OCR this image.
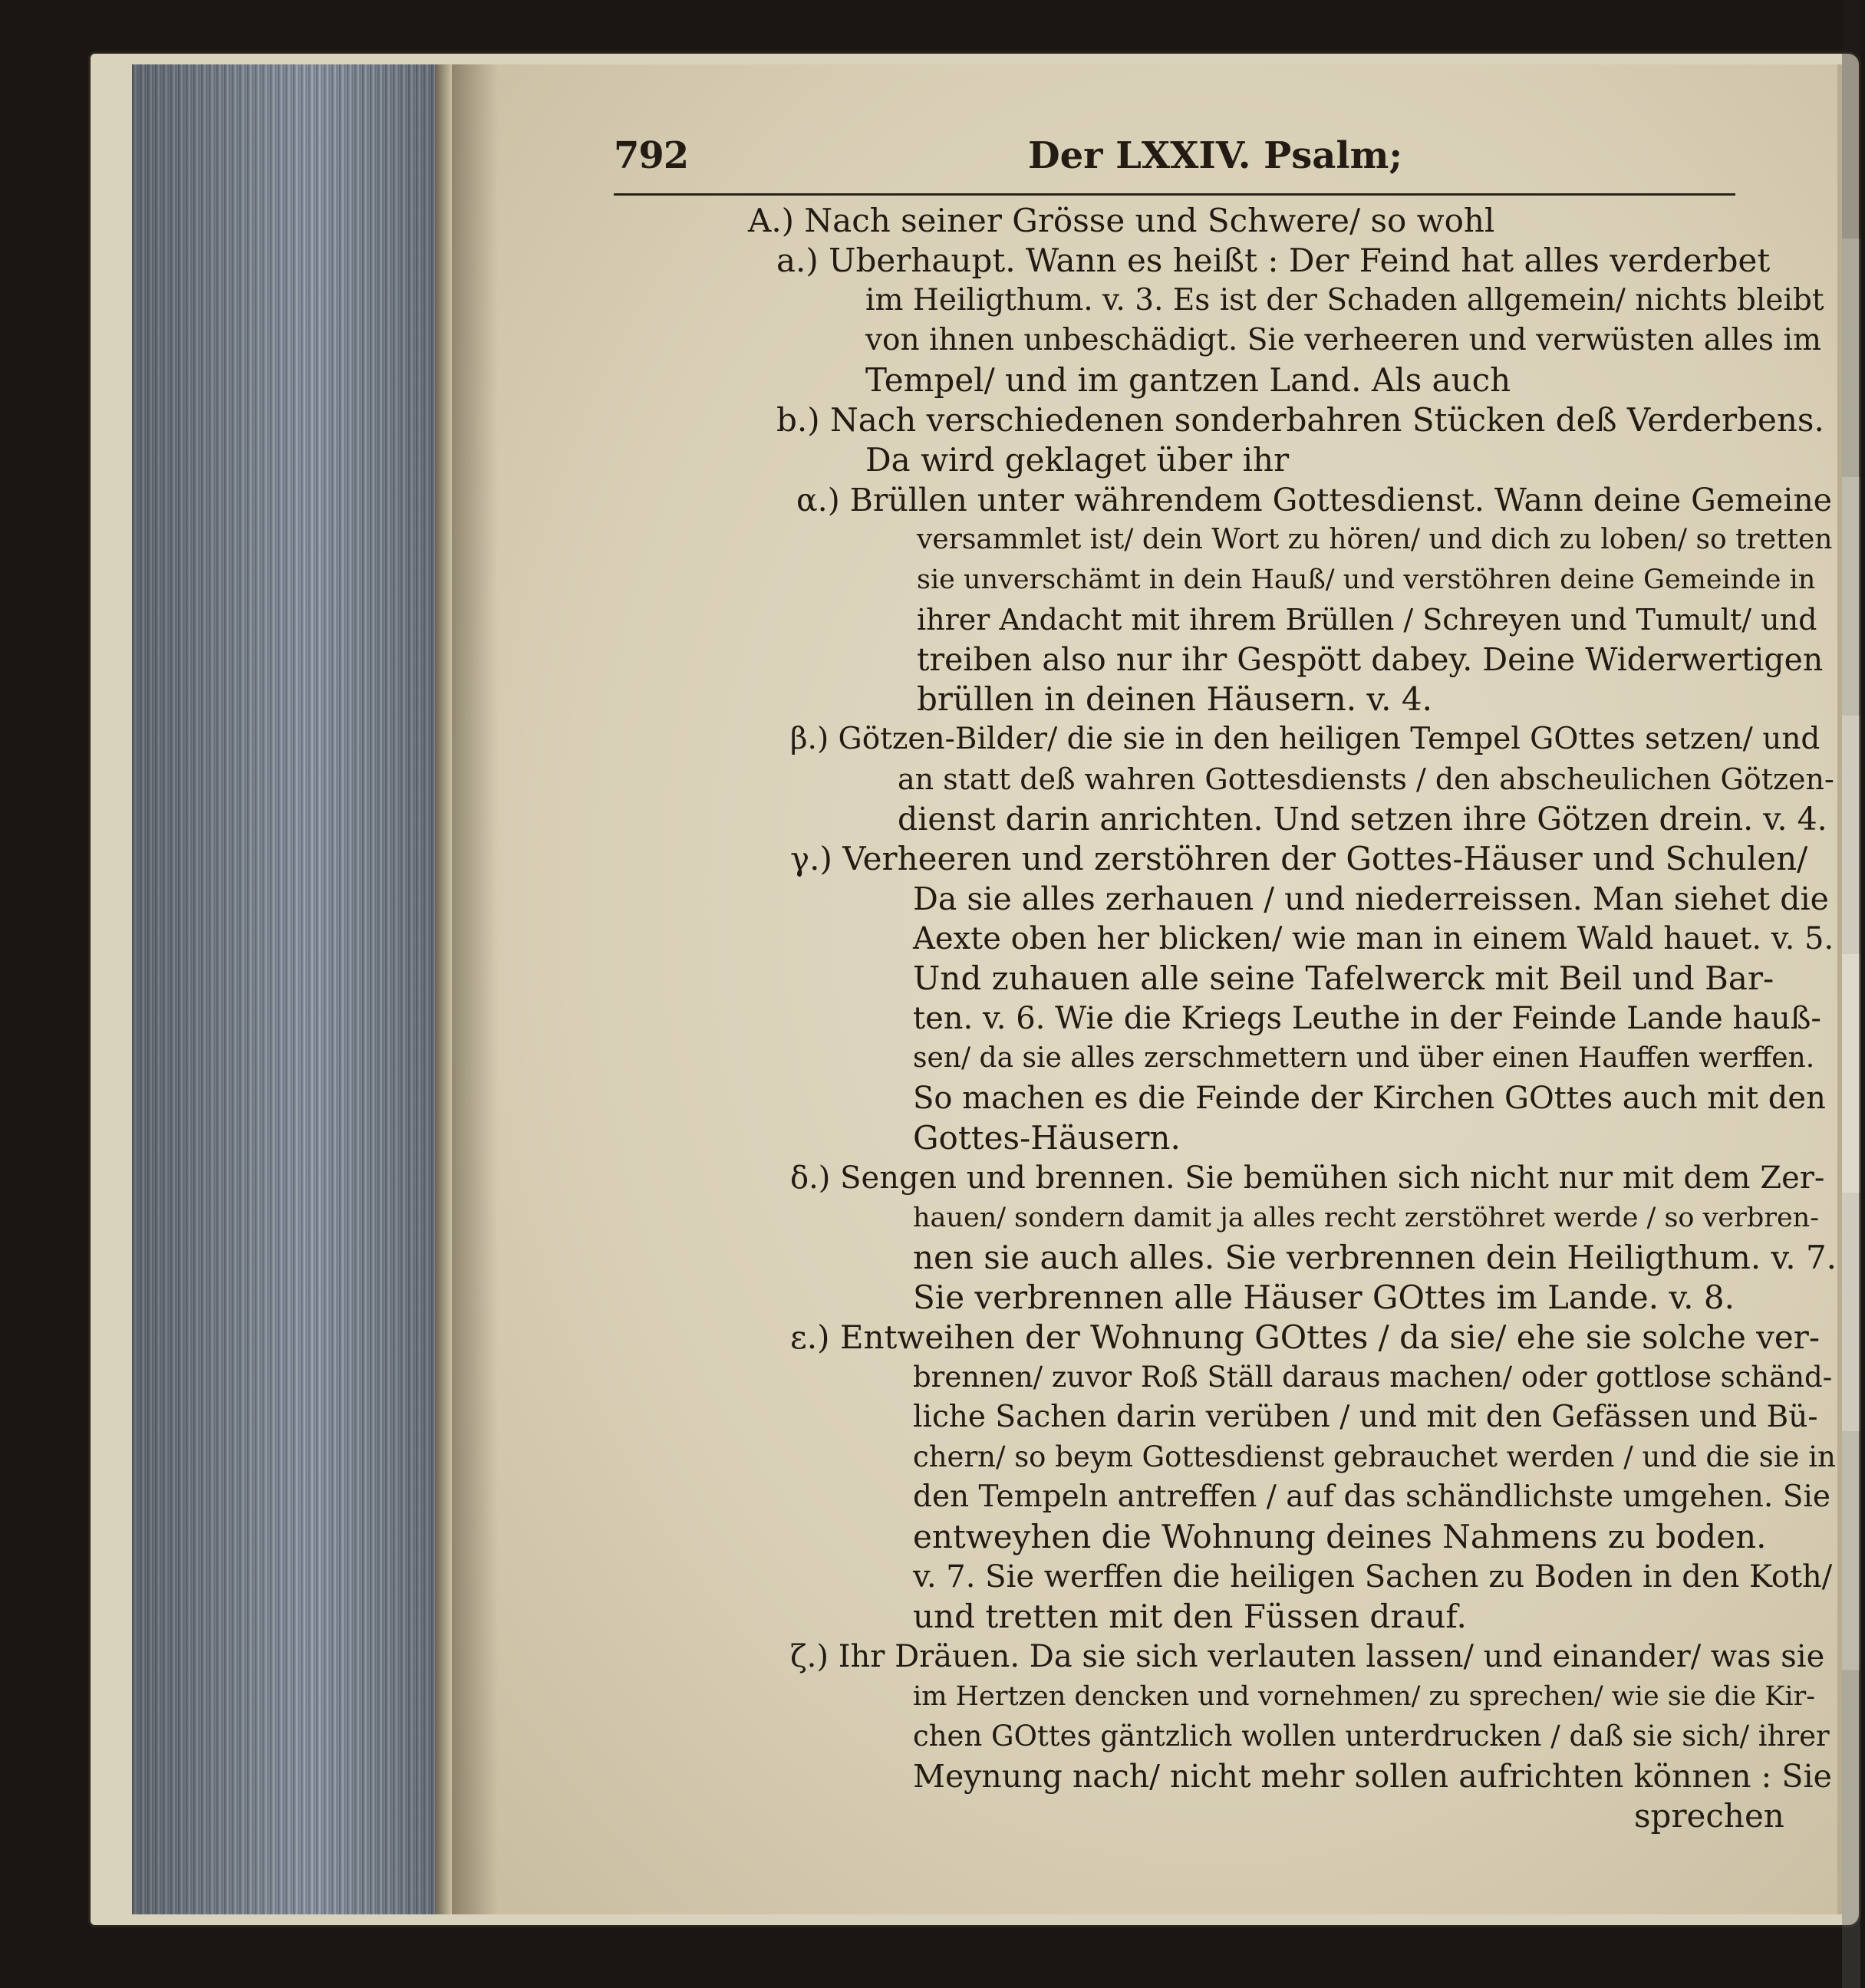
792	Der LXXIV. Psalm;
A.) Nach seiner Grösse und Schwere/ so wohl
a.) Uberhaupt. Wann es heißt : Der Feind hat alles verderbet
im Heiligthum. v. 3. Es ist der Schaden allgemein/ nichts bleibt
von ihnen unbeschädigt. Sie verheeren und verwüsten alles im
Tempel/ und im gantzen Land. Als auch
b.) Nach verschiedenen sonderbahren Stücken deß Verderbens.
Da wird geklaget über ihr
α.) Brüllen unter währendem Gottesdienst. Wann deine Gemeine
versammlet ist/ dein Wort zu hören/ und dich zu loben/ so tretten
sie unverschämt in dein Hauß/ und verstöhren deine Gemeinde in
ihrer Andacht mit ihrem Brüllen / Schreyen und Tumult/ und
treiben also nur ihr Gespött dabey. Deine Widerwertigen
brüllen in deinen Häusern. v. 4.
β.) Götzen-Bilder/ die sie in den heiligen Tempel GOttes setzen/ und
an statt deß wahren Gottesdiensts / den abscheulichen Götzen-
dienst darin anrichten. Und setzen ihre Götzen drein. v. 4.
γ.) Verheeren und zerstöhren der Gottes-Häuser und Schulen/
Da sie alles zerhauen / und niederreissen. Man siehet die
Aexte oben her blicken/ wie man in einem Wald hauet. v. 5.
Und zuhauen alle seine Tafelwerck mit Beil und Bar-
ten. v. 6. Wie die Kriegs Leuthe in der Feinde Lande hauß-
sen/ da sie alles zerschmettern und über einen Hauffen werffen.
So machen es die Feinde der Kirchen GOttes auch mit den
Gottes-Häusern.
δ.) Sengen und brennen. Sie bemühen sich nicht nur mit dem Zer-
hauen/ sondern damit ja alles recht zerstöhret werde / so verbren-
nen sie auch alles. Sie verbrennen dein Heiligthum. v. 7.
Sie verbrennen alle Häuser GOttes im Lande. v. 8.
ε.) Entweihen der Wohnung GOttes / da sie/ ehe sie solche ver-
brennen/ zuvor Roß Ställ daraus machen/ oder gottlose schänd-
liche Sachen darin verüben / und mit den Gefässen und Bü-
chern/ so beym Gottesdienst gebrauchet werden / und die sie in
den Tempeln antreffen / auf das schändlichste umgehen. Sie
entweyhen die Wohnung deines Nahmens zu boden.
v. 7. Sie werffen die heiligen Sachen zu Boden in den Koth/
und tretten mit den Füssen drauf.
ζ.) Ihr Dräuen. Da sie sich verlauten lassen/ und einander/ was sie
im Hertzen dencken und vornehmen/ zu sprechen/ wie sie die Kir-
chen GOttes gäntzlich wollen unterdrucken / daß sie sich/ ihrer
Meynung nach/ nicht mehr sollen aufrichten können : Sie
sprechen
